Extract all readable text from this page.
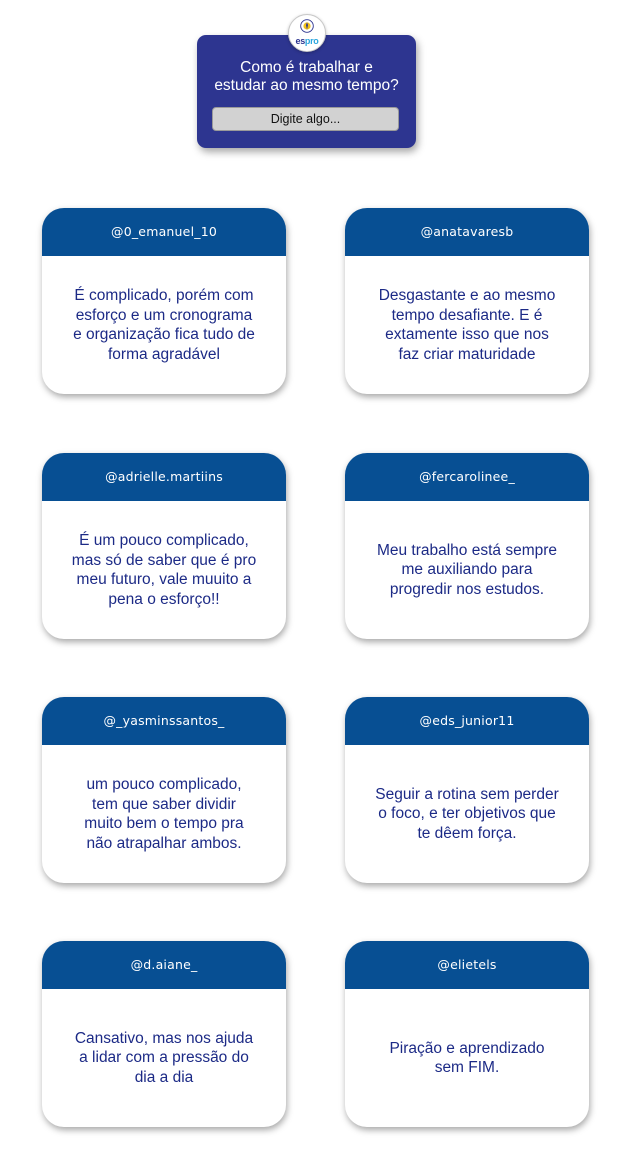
Como é trabalhar e
estudar ao mesmo tempo?
Digite algo...
espro
@0_emanuel_10
É complicado, porém com
esforço e um cronograma
e organização fica tudo de
forma agradável
@anatavaresb
Desgastante e ao mesmo
tempo desafiante. E é
extamente isso que nos
faz criar maturidade
@adrielle.martiins
É um pouco complicado,
mas só de saber que é pro
meu futuro, vale muuito a
pena o esforço!!
@fercarolinee_
Meu trabalho está sempre
me auxiliando para
progredir nos estudos.
@_yasminssantos_
um pouco complicado,
tem que saber dividir
muito bem o tempo pra
não atrapalhar ambos.
@eds_junior11
Seguir a rotina sem perder
o foco, e ter objetivos que
te dêem força.
@d.aiane_
Cansativo, mas nos ajuda
a lidar com a pressão do
dia a dia
@elietels
Piração e aprendizado
sem FIM.
